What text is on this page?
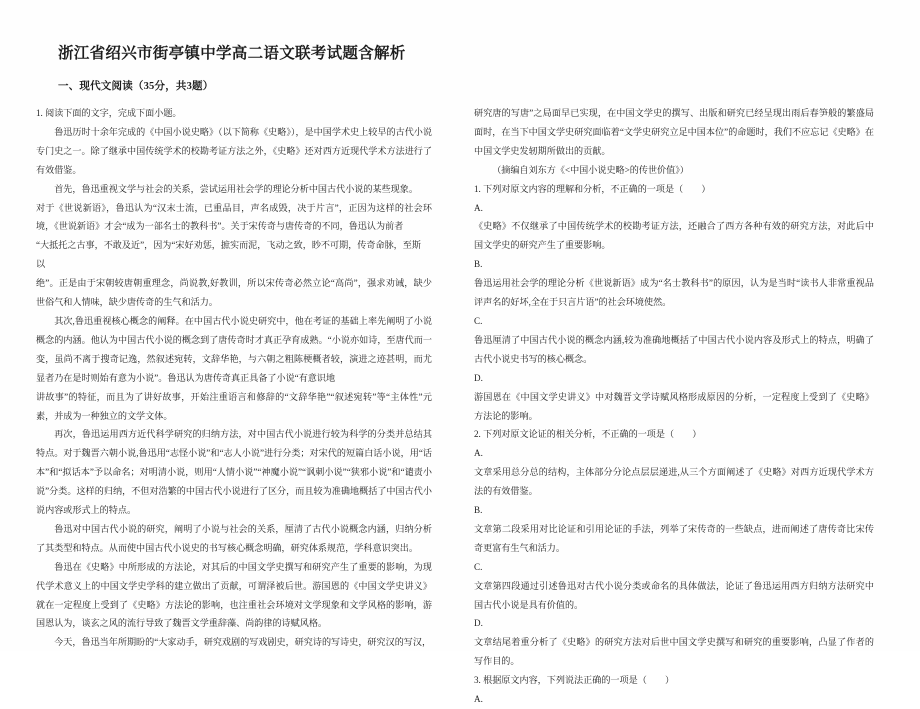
浙江省绍兴市街亭镇中学高二语文联考试题含解析
一、现代文阅读（35分，共3题）

1. 阅读下面的文字，完成下面小题。

鲁迅历时十余年完成的《中国小说史略》（以下简称《史略》），是中国学术史上较早的古代小说专门史之一。除了继承中国传统学术的校勘考证方法之外，《史略》还对西方近现代学术方法进行了有效借鉴。

首先，鲁迅重视文学与社会的关系，尝试运用社会学的理论分析中国古代小说的某些现象。

对于《世说新语》，鲁迅认为“汉末士流，已重品目，声名成毁，决于片言”，正因为这样的社会环境，《世说新语》才会“成为一部名士的教科书”。关于宋传奇与唐传奇的不同，鲁迅认为前者

“大抵托之古事，不敢及近”，因为“宋好劝惩，摭实而泥，飞动之致，眇不可期，传奇命脉，至斯

以

绝”。正是由于宋朝较唐朝重理念，尚说教,好教训，所以宋传奇必然立论“高尚”，强求劝诫，缺少世俗气和人情味，缺少唐传奇的生气和活力。

其次,鲁迅重视核心概念的阐释。在中国古代小说史研究中，他在考证的基础上率先阐明了小说概念的内涵。他认为中国古代小说的概念到了唐传奇时才真正孕育成熟。“小说亦如诗，至唐代而一变，虽尚不离于搜奇记逸，然叙述宛转，文辞华艳，与六朝之粗陈梗概者较，演进之迹甚明，而尤显者乃在是时则始有意为小说”。鲁迅认为唐传奇真正具备了小说“有意识地

讲故事”的特征，而且为了讲好故事，开始注重语言和修辞的“文辞华艳”“叙述宛转”等“主体性”元素，并成为一种独立的文学文体。

再次，鲁迅运用西方近代科学研究的归纳方法，对中国古代小说进行较为科学的分类并总结其特点。对于魏晋六朝小说,鲁迅用“志怪小说”和“志人小说”进行分类；对宋代的短篇白话小说，用“话本”和“拟话本”予以命名；对明清小说，则用“人情小说”“神魔小说”“讽刺小说”“狭邪小说”和“谴责小说”分类。这样的归纳，不但对浩繁的中国古代小说进行了区分，而且较为准确地概括了中国古代小说内容或形式上的特点。

鲁迅对中国古代小说的研究，阐明了小说与社会的关系，厘清了古代小说概念内涵，归纳分析了其类型和特点。从而使中国古代小说史的书写核心概念明确，研究体系规范，学科意识突出。

鲁迅在《史略》中所形成的方法论，对其后的中国文学史撰写和研究产生了重要的影响，为现代学术意义上的中国文学史学科的建立做出了贡献，可谓泽被后世。游国恩的《中国文学史讲义》就在一定程度上受到了《史略》方法论的影响，也注重社会环境对文学现象和文学风格的影响，游国恩认为，谈玄之风的流行导致了魏晋文学重辞藻、尚韵律的诗赋风格。

今天，鲁迅当年所期盼的“大家动手，研究戏剧的写戏剧史，研究诗的写诗史，研究汉的写汉，

研究唐的写唐”之局面早已实现，在中国文学史的撰写、出版和研究已经呈现出雨后春笋般的繁盛局面时，在当下中国文学史研究面临着“文学史研究立足中国本位”的命题时，我们不应忘记《史略》在中国文学史发轫期所做出的贡献。

（摘编自刘东方《<中国小说史略>的传世价值》）

1. 下列对原文内容的理解和分析，不正确的一项是（　　）

A.

《史略》不仅继承了中国传统学术的校勘考证方法，还融合了西方各种有效的研究方法，对此后中国文学史的研究产生了重要影响。

B.

鲁迅运用社会学的理论分析《世说新语》成为“名士教科书”的原因，认为是当时“读书人非常重视品评声名的好坏,全在于只言片语”的社会环境使然。

C.

鲁迅厘清了中国古代小说的概念内涵,较为准确地概括了中国古代小说内容及形式上的特点，明确了古代小说史书写的核心概念。

D.

游国恩在《中国文学史讲义》中对魏晋文学诗赋风格形成原因的分析，一定程度上受到了《史略》方法论的影响。

2. 下列对原文论证的相关分析，不正确的一项是（　　）

A.

文章采用总分总的结构，主体部分分论点层层递进,从三个方面阐述了《史略》对西方近现代学术方法的有效借鉴。

B.

文章第二段采用对比论证和引用论证的手法，列举了宋传奇的一些缺点，进而阐述了唐传奇比宋传奇更富有生气和活力。

C.

文章第四段通过引述鲁迅对古代小说分类或命名的具体做法，论证了鲁迅运用西方归纳方法研究中国古代小说是具有价值的。

D.

文章结尾着重分析了《史略》的研究方法对后世中国文学史撰写和研究的重要影响，凸显了作者的写作目的。

3. 根据原文内容，下列说法正确的一项是（　　）

A.
